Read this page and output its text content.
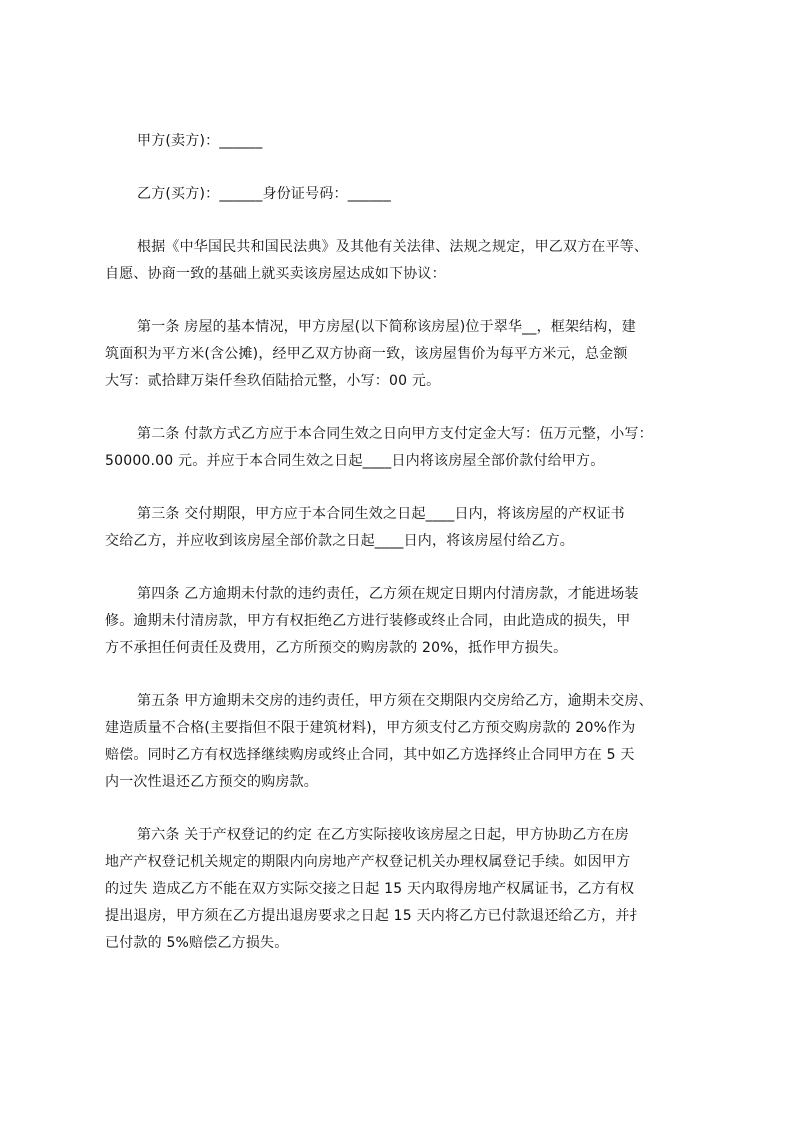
甲方(卖方)：______
乙方(买方)：______身份证号码：______
根据《中华国民共和国民法典》及其他有关法律、法规之规定，甲乙双方在平等、
自愿、协商一致的基础上就买卖该房屋达成如下协议：
第一条 房屋的基本情况，甲方房屋(以下简称该房屋)位于翠华__，框架结构，建
筑面积为平方米(含公摊)，经甲乙双方协商一致，该房屋售价为每平方米元，总金额
大写：贰拾肆万柒仟叁玖佰陆拾元整，小写：00 元。
第二条 付款方式乙方应于本合同生效之日向甲方支付定金大写：伍万元整，小写：
50000.00 元。并应于本合同生效之日起____日内将该房屋全部价款付给甲方。
第三条 交付期限，甲方应于本合同生效之日起____日内，将该房屋的产权证书
交给乙方，并应收到该房屋全部价款之日起____日内，将该房屋付给乙方。
第四条 乙方逾期未付款的违约责任，乙方须在规定日期内付清房款，才能进场装
修。逾期未付清房款，甲方有权拒绝乙方进行装修或终止合同，由此造成的损失，甲
方不承担任何责任及费用，乙方所预交的购房款的 20%，抵作甲方损失。
第五条 甲方逾期未交房的违约责任，甲方须在交期限内交房给乙方，逾期未交房、
建造质量不合格(主要指但不限于建筑材料)，甲方须支付乙方预交购房款的 20%作为
赔偿。同时乙方有权选择继续购房或终止合同，其中如乙方选择终止合同甲方在 5 天
内一次性退还乙方预交的购房款。
第六条 关于产权登记的约定 在乙方实际接收该房屋之日起，甲方协助乙方在房
地产产权登记机关规定的期限内向房地产产权登记机关办理权属登记手续。如因甲方
的过失 造成乙方不能在双方实际交接之日起 15 天内取得房地产权属证书，乙方有权
提出退房，甲方须在乙方提出退房要求之日起 15 天内将乙方已付款退还给乙方，并扌
已付款的 5%赔偿乙方损失。
